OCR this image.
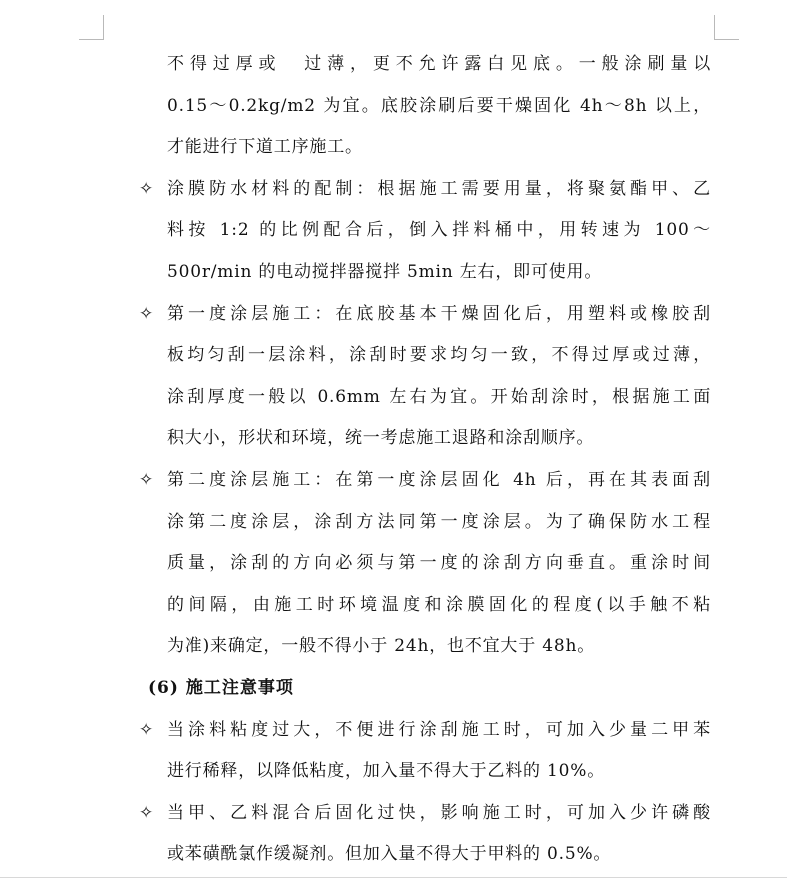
不得过厚或　过薄，更不允许露白见底。一般涂刷量以
0.15～0.2kg/m2 为宜。底胶涂刷后要干燥固化 4h～8h 以上，
才能进行下道工序施工。
✧ 涂膜防水材料的配制：根据施工需要用量，将聚氨酯甲、乙
料按 1:2 的比例配合后，倒入拌料桶中，用转速为 100～
500r/min 的电动搅拌器搅拌 5min 左右，即可使用。
✧ 第一度涂层施工：在底胶基本干燥固化后，用塑料或橡胶刮
板均匀刮一层涂料，涂刮时要求均匀一致，不得过厚或过薄，
涂刮厚度一般以 0.6mm 左右为宜。开始刮涂时，根据施工面
积大小，形状和环境，统一考虑施工退路和涂刮顺序。
✧ 第二度涂层施工：在第一度涂层固化 4h 后，再在其表面刮
涂第二度涂层，涂刮方法同第一度涂层。为了确保防水工程
质量，涂刮的方向必须与第一度的涂刮方向垂直。重涂时间
的间隔，由施工时环境温度和涂膜固化的程度(以手触不粘
为准)来确定，一般不得小于 24h，也不宜大于 48h。
(6) 施工注意事项
✧ 当涂料粘度过大，不便进行涂刮施工时，可加入少量二甲苯
进行稀释，以降低粘度，加入量不得大于乙料的 10%。
✧ 当甲、乙料混合后固化过快，影响施工时，可加入少许磷酸
或苯磺酰氯作缓凝剂。但加入量不得大于甲料的 0.5%。
